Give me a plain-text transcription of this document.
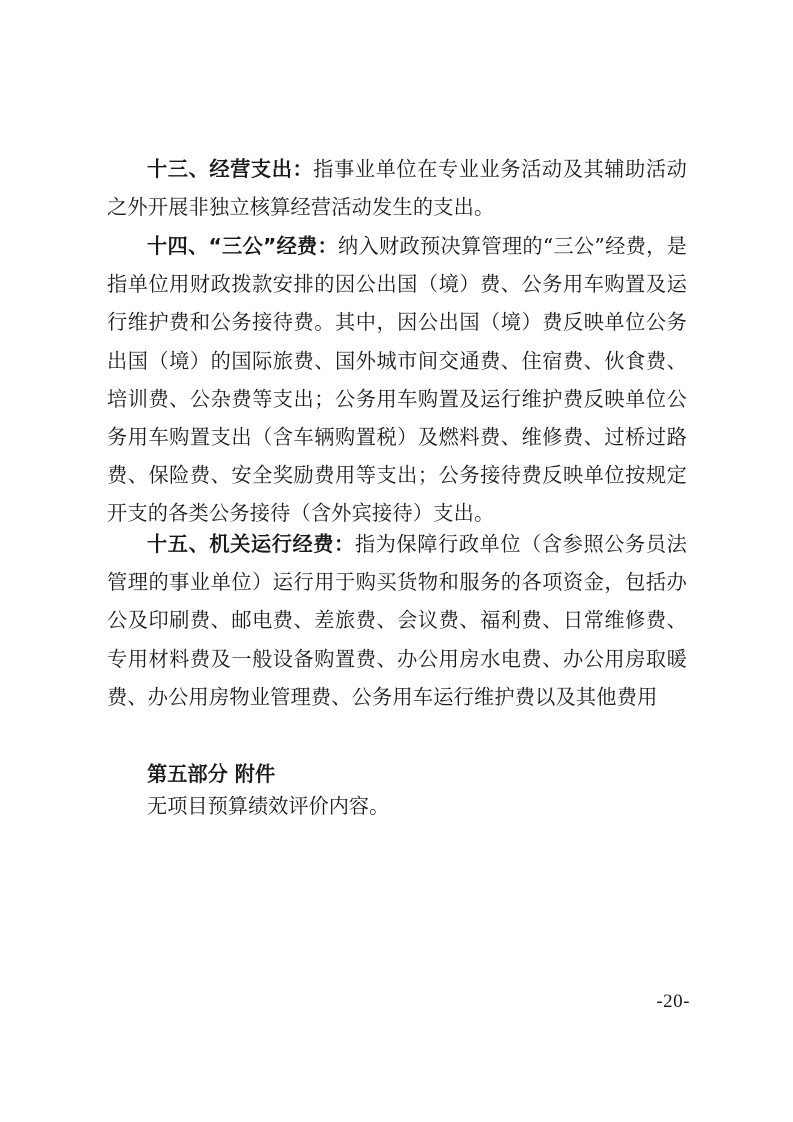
十三、经营支出：指事业单位在专业业务活动及其辅助活动之外开展非独立核算经营活动发生的支出。

十四、“三公”经费：纳入财政预决算管理的“三公”经费，是指单位用财政拨款安排的因公出国（境）费、公务用车购置及运行维护费和公务接待费。其中，因公出国（境）费反映单位公务出国（境）的国际旅费、国外城市间交通费、住宿费、伙食费、培训费、公杂费等支出；公务用车购置及运行维护费反映单位公务用车购置支出（含车辆购置税）及燃料费、维修费、过桥过路费、保险费、安全奖励费用等支出；公务接待费反映单位按规定开支的各类公务接待（含外宾接待）支出。

十五、机关运行经费：指为保障行政单位（含参照公务员法管理的事业单位）运行用于购买货物和服务的各项资金，包括办公及印刷费、邮电费、差旅费、会议费、福利费、日常维修费、专用材料费及一般设备购置费、办公用房水电费、办公用房取暖费、办公用房物业管理费、公务用车运行维护费以及其他费用

第五部分 附件

无项目预算绩效评价内容。

-20-
